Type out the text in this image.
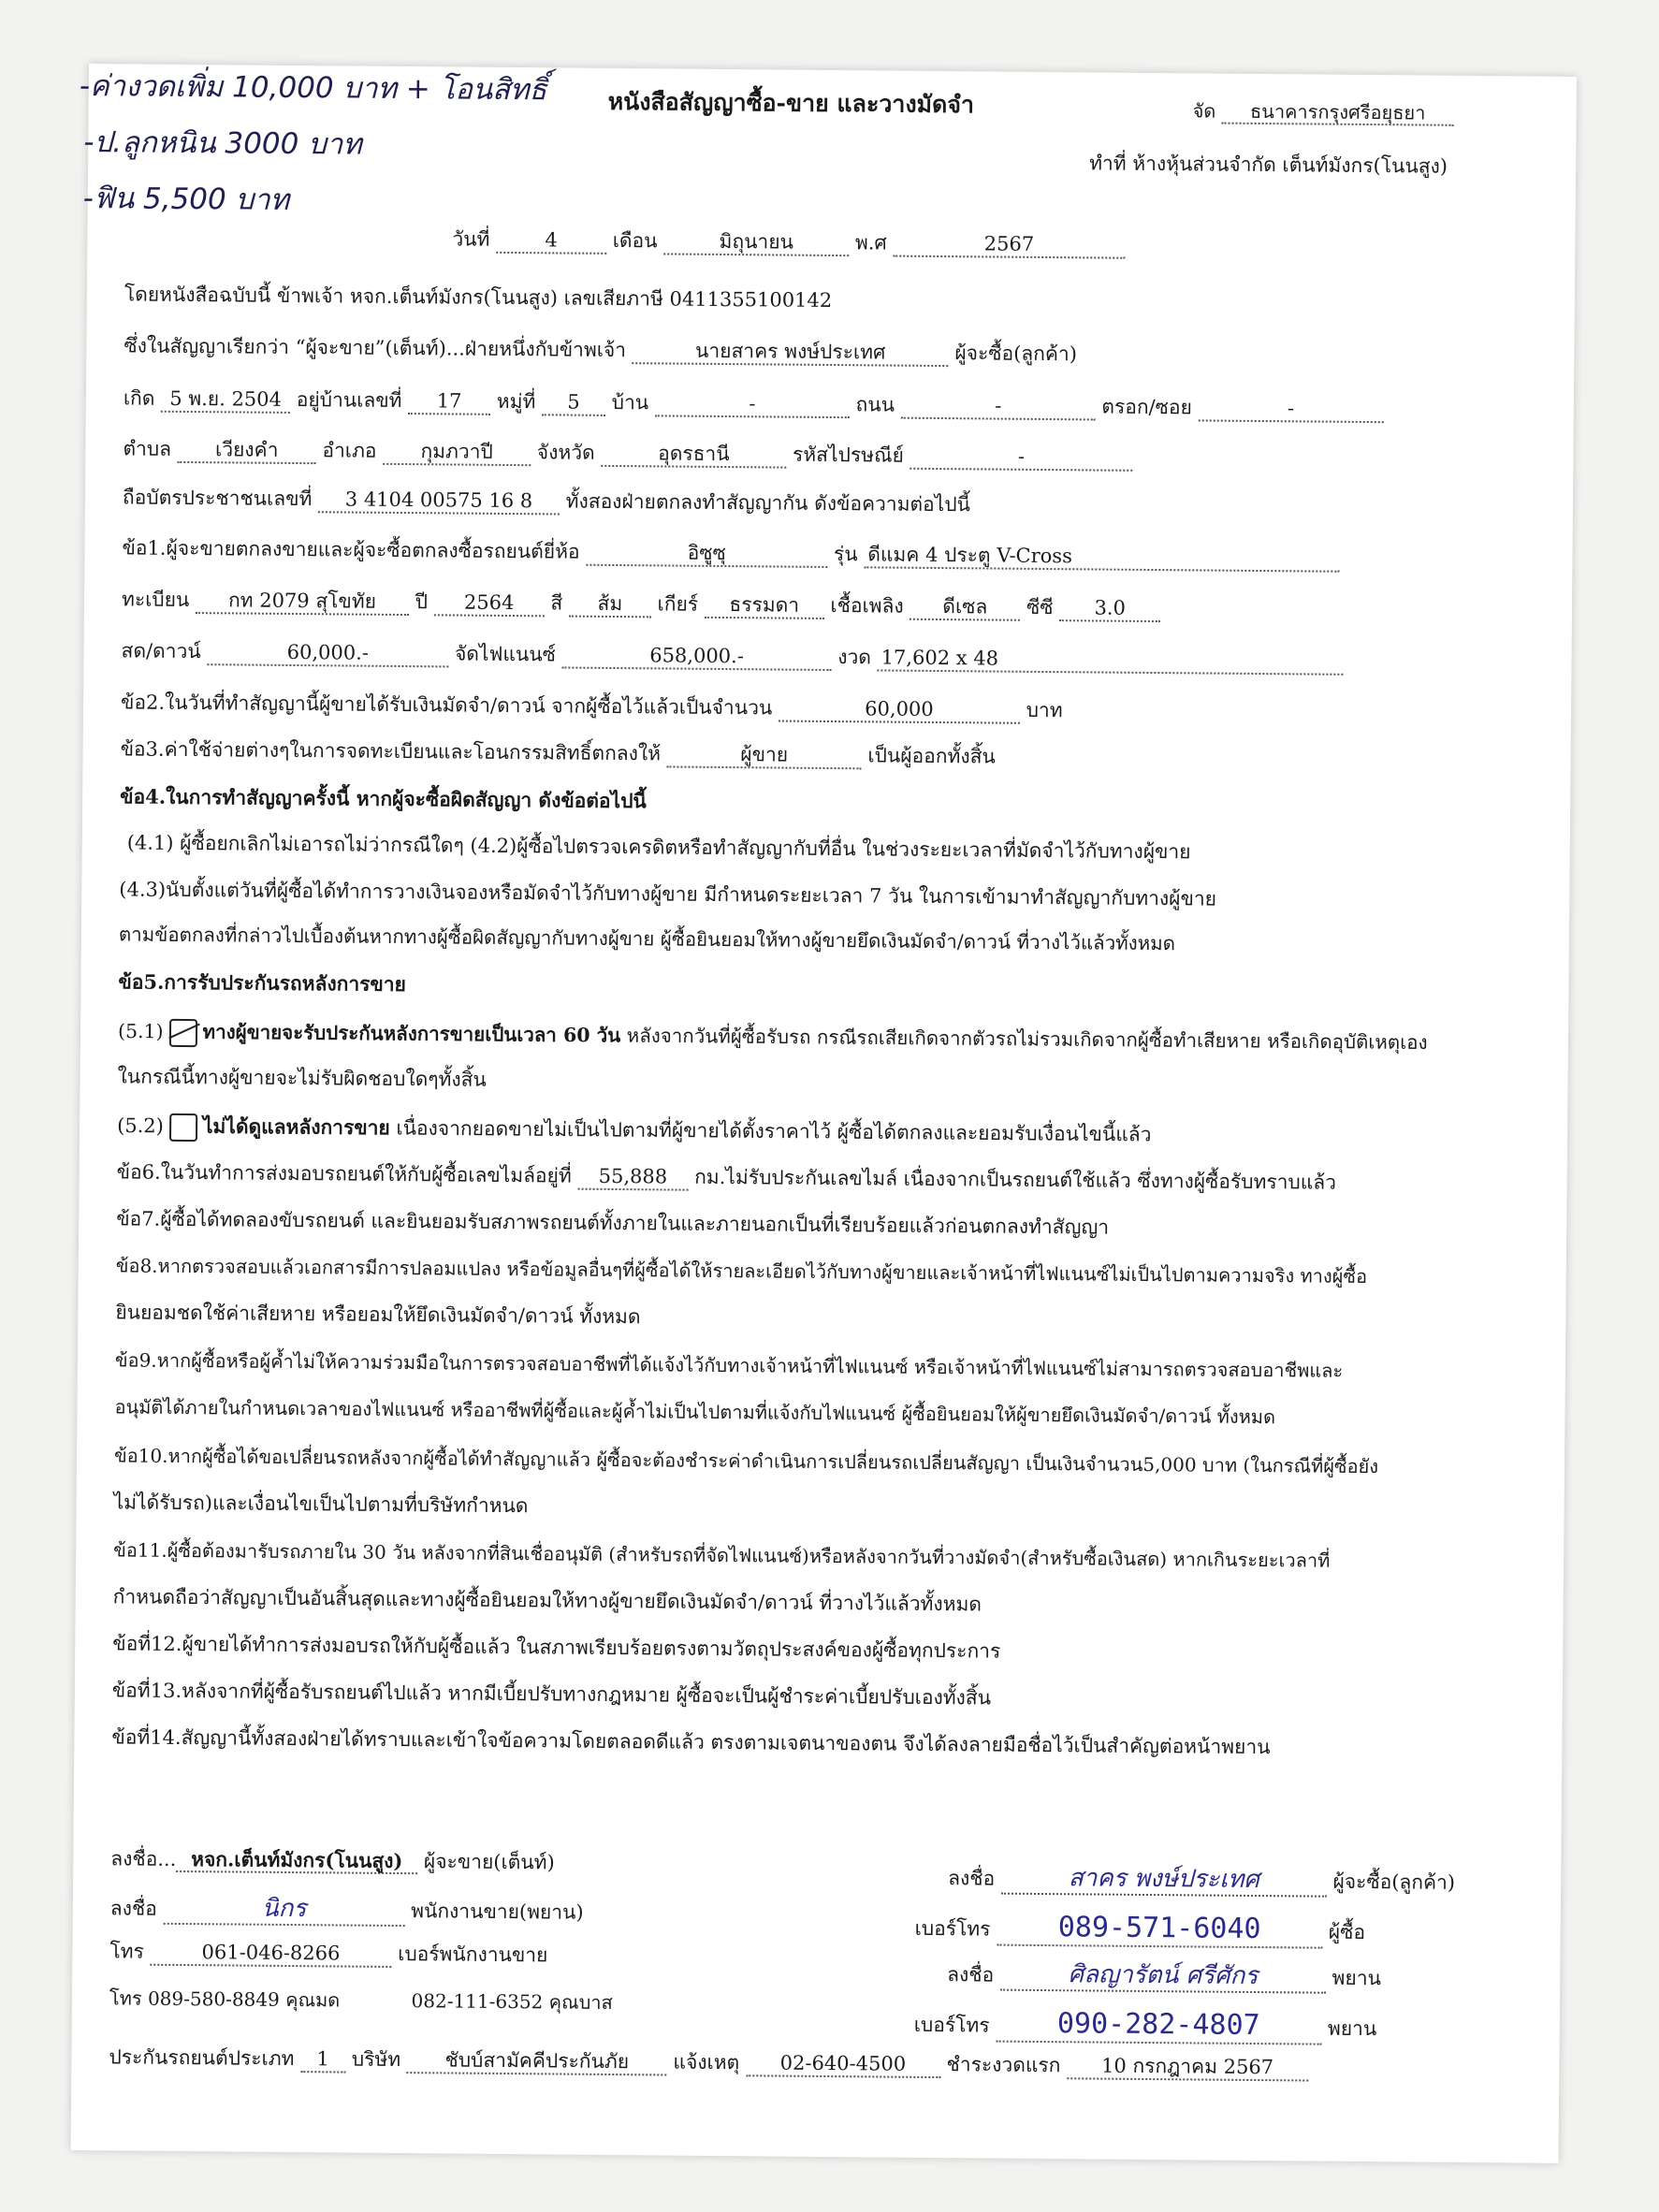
-ค่างวดเพิ่ม 10,000 บาท + โอนสิทธิ์
-ป.ลูกหนิน 3000 บาท
-ฟิน 5,500 บาท
หนังสือสัญญาซื้อ-ขาย และวางมัดจำ	จัด ธนาคารกรุงศรีอยุธยา
ทำที่ ห้างหุ้นส่วนจำกัด เต็นท์มังกร(โนนสูง)
วันที่	4	เดือน	มิถุนายน	พ.ศ	2567
โดยหนังสือฉบับนี้ ข้าพเจ้า หจก.เต็นท์มังกร(โนนสูง) เลขเสียภาษี 0411355100142
ซึ่งในสัญญาเรียกว่า “ผู้จะขาย”(เต็นท์)...ฝ่ายหนึ่งกับข้าพเจ้า	นายสาคร พงษ์ประเทศ	ผู้จะซื้อ(ลูกค้า)
เกิด 5 พ.ย. 2504 อยู่บ้านเลขที่ 17 หมู่ที่ 5 บ้าน	-	ถนน	-	ตรอก/ซอย	-
ตำบล เวียงคำ อำเภอ กุมภวาปี จังหวัด	อุดรธานี	รหัสไปรษณีย์	-
ถือบัตรประชาชนเลขที่ 3 4104 00575 16 8 ทั้งสองฝ่ายตกลงทำสัญญากัน ดังข้อความต่อไปนี้
ข้อ1.ผู้จะขายตกลงขายและผู้จะซื้อตกลงซื้อรถยนต์ยี่ห้อ	อิซูซุ	รุ่น ดีแมค 4 ประตู V-Cross
ทะเบียน กท 2079 สุโขทัย ปี 2564 สี ส้ม เกียร์ ธรรมดา เชื้อเพลิง ดีเซล ซีซี 3.0
สด/ดาวน์	60,000.-	จัดไฟแนนซ์	658,000.-	งวด 17,602 x 48
ข้อ2.ในวันที่ทำสัญญานี้ผู้ขายได้รับเงินมัดจำ/ดาวน์ จากผู้ซื้อไว้แล้วเป็นจำนวน	60,000	บาท
ข้อ3.ค่าใช้จ่ายต่างๆในการจดทะเบียนและโอนกรรมสิทธิ์ตกลงให้	ผู้ขาย	เป็นผู้ออกทั้งสิ้น
ข้อ4.ในการทำสัญญาครั้งนี้ หากผู้จะซื้อผิดสัญญา ดังข้อต่อไปนี้
(4.1) ผู้ซื้อยกเลิกไม่เอารถไม่ว่ากรณีใดๆ (4.2)ผู้ซื้อไปตรวจเครดิตหรือทำสัญญากับที่อื่น ในช่วงระยะเวลาที่มัดจำไว้กับทางผู้ขาย
(4.3)นับตั้งแต่วันที่ผู้ซื้อได้ทำการวางเงินจองหรือมัดจำไว้กับทางผู้ขาย มีกำหนดระยะเวลา 7 วัน ในการเข้ามาทำสัญญากับทางผู้ขาย
ตามข้อตกลงที่กล่าวไปเบื้องต้นหากทางผู้ซื้อผิดสัญญากับทางผู้ขาย ผู้ซื้อยินยอมให้ทางผู้ขายยึดเงินมัดจำ/ดาวน์ ที่วางไว้แล้วทั้งหมด
ข้อ5.การรับประกันรถหลังการขาย
(5.1) ทางผู้ขายจะรับประกันหลังการขายเป็นเวลา 60 วัน หลังจากวันที่ผู้ซื้อรับรถ กรณีรถเสียเกิดจากตัวรถไม่รวมเกิดจากผู้ซื้อทำเสียหาย หรือเกิดอุบัติเหตุเอง
ในกรณีนี้ทางผู้ขายจะไม่รับผิดชอบใดๆทั้งสิ้น
(5.2) ไม่ได้ดูแลหลังการขาย เนื่องจากยอดขายไม่เป็นไปตามที่ผู้ขายได้ตั้งราคาไว้ ผู้ซื้อได้ตกลงและยอมรับเงื่อนไขนี้แล้ว
ข้อ6.ในวันทำการส่งมอบรถยนต์ให้กับผู้ซื้อเลขไมล์อยู่ที่ 55,888 กม.ไม่รับประกันเลขไมล์ เนื่องจากเป็นรถยนต์ใช้แล้ว ซึ่งทางผู้ซื้อรับทราบแล้ว
ข้อ7.ผู้ซื้อได้ทดลองขับรถยนต์ และยินยอมรับสภาพรถยนต์ทั้งภายในและภายนอกเป็นที่เรียบร้อยแล้วก่อนตกลงทำสัญญา
ข้อ8.หากตรวจสอบแล้วเอกสารมีการปลอมแปลง หรือข้อมูลอื่นๆที่ผู้ซื้อได้ให้รายละเอียดไว้กับทางผู้ขายและเจ้าหน้าที่ไฟแนนซ์ไม่เป็นไปตามความจริง ทางผู้ซื้อ
ยินยอมชดใช้ค่าเสียหาย หรือยอมให้ยึดเงินมัดจำ/ดาวน์ ทั้งหมด
ข้อ9.หากผู้ซื้อหรือผู้ค้ำไม่ให้ความร่วมมือในการตรวจสอบอาชีพที่ได้แจ้งไว้กับทางเจ้าหน้าที่ไฟแนนซ์ หรือเจ้าหน้าที่ไฟแนนซ์ไม่สามารถตรวจสอบอาชีพและ
อนุมัติได้ภายในกำหนดเวลาของไฟแนนซ์ หรืออาชีพที่ผู้ซื้อและผู้ค้ำไม่เป็นไปตามที่แจ้งกับไฟแนนซ์ ผู้ซื้อยินยอมให้ผู้ขายยึดเงินมัดจำ/ดาวน์ ทั้งหมด
ข้อ10.หากผู้ซื้อได้ขอเปลี่ยนรถหลังจากผู้ซื้อได้ทำสัญญาแล้ว ผู้ซื้อจะต้องชำระค่าดำเนินการเปลี่ยนรถเปลี่ยนสัญญา เป็นเงินจำนวน5,000 บาท (ในกรณีที่ผู้ซื้อยัง
ไม่ได้รับรถ)และเงื่อนไขเป็นไปตามที่บริษัทกำหนด
ข้อ11.ผู้ซื้อต้องมารับรถภายใน 30 วัน หลังจากที่สินเชื่ออนุมัติ (สำหรับรถที่จัดไฟแนนซ์)หรือหลังจากวันที่วางมัดจำ(สำหรับซื้อเงินสด) หากเกินระยะเวลาที่
กำหนดถือว่าสัญญาเป็นอันสิ้นสุดและทางผู้ซื้อยินยอมให้ทางผู้ขายยึดเงินมัดจำ/ดาวน์ ที่วางไว้แล้วทั้งหมด
ข้อที่12.ผู้ขายได้ทำการส่งมอบรถให้กับผู้ซื้อแล้ว ในสภาพเรียบร้อยตรงตามวัตถุประสงค์ของผู้ซื้อทุกประการ
ข้อที่13.หลังจากที่ผู้ซื้อรับรถยนต์ไปแล้ว หากมีเบี้ยปรับทางกฎหมาย ผู้ซื้อจะเป็นผู้ชำระค่าเบี้ยปรับเองทั้งสิ้น
ข้อที่14.สัญญานี้ทั้งสองฝ่ายได้ทราบและเข้าใจข้อความโดยตลอดดีแล้ว ตรงตามเจตนาของตน จึงได้ลงลายมือชื่อไว้เป็นสำคัญต่อหน้าพยาน
ลงชื่อ... หจก.เต็นท์มังกร(โนนสูง) ผู้จะขาย(เต็นท์)
ลงชื่อ	นิกร	พนักงานขาย(พยาน)
โทร	061-046-8266	เบอร์พนักงานขาย
โทร 089-580-8849 คุณมด	082-111-6352 คุณบาส
ลงชื่อ	สาคร พงษ์ประเทศ	ผู้จะซื้อ(ลูกค้า)
เบอร์โทร 089-571-6040	ผู้ซื้อ
ลงชื่อ	ศิลญารัตน์ ศรีศักร	พยาน
เบอร์โทร 090-282-4807	พยาน
ประกันรถยนต์ประเภท 1 บริษัท ชับบ์สามัคคีประกันภัย แจ้งเหตุ 02-640-4500 ชำระงวดแรก 10 กรกฎาคม 2567
